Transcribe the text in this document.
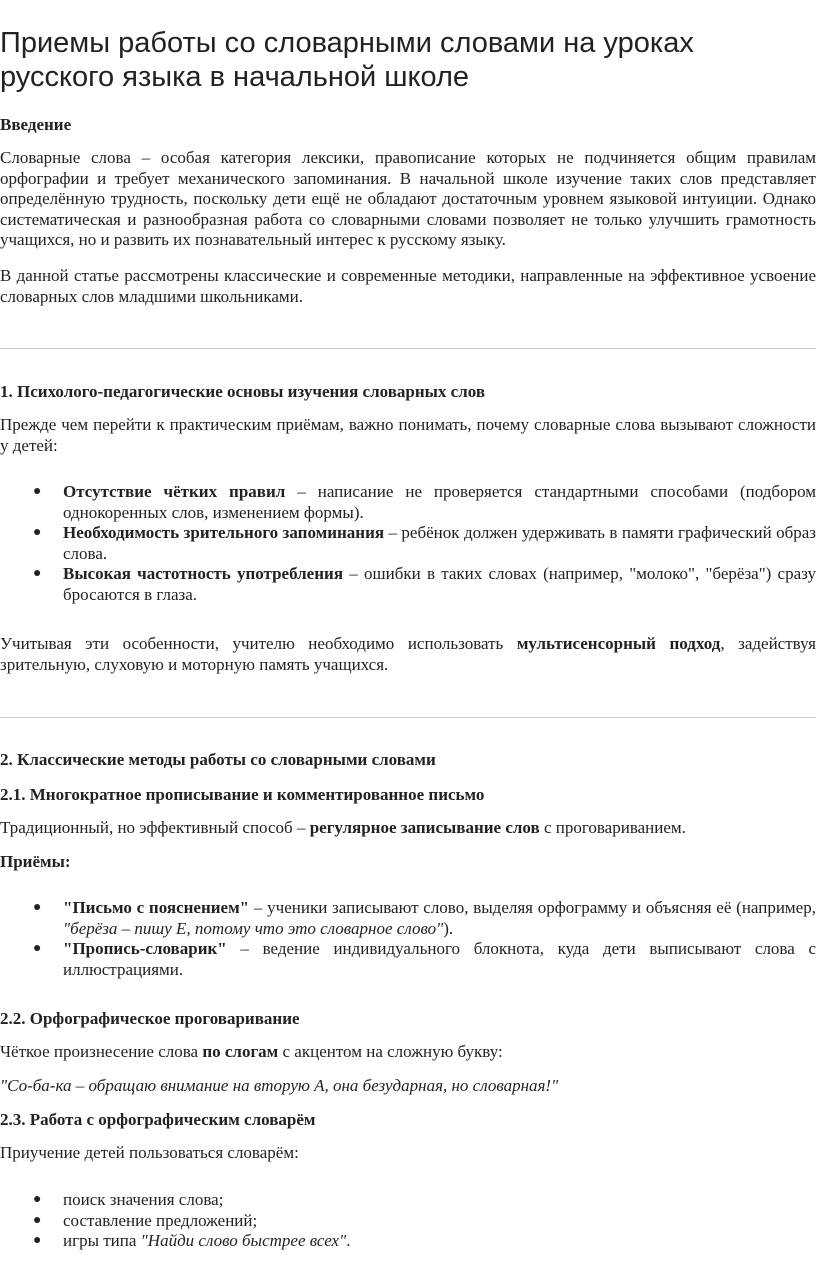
Приемы работы со словарными словами на уроках русского языка в начальной школе
Введение

Словарные слова – особая категория лексики, правописание которых не подчиняется общим правилам орфографии и требует механического запоминания. В начальной школе изучение таких слов представляет определённую трудность, поскольку дети ещё не обладают достаточным уровнем языковой интуиции. Однако систематическая и разнообразная работа со словарными словами позволяет не только улучшить грамотность учащихся, но и развить их познавательный интерес к русскому языку.

В данной статье рассмотрены классические и современные методики, направленные на эффективное усвоение словарных слов младшими школьниками.

1. Психолого-педагогические основы изучения словарных слов

Прежде чем перейти к практическим приёмам, важно понимать, почему словарные слова вызывают сложности у детей:

● Отсутствие чётких правил – написание не проверяется стандартными способами (подбором однокоренных слов, изменением формы).
● Необходимость зрительного запоминания – ребёнок должен удерживать в памяти графический образ слова.
● Высокая частотность употребления – ошибки в таких словах (например, "молоко", "берёза") сразу бросаются в глаза.

Учитывая эти особенности, учителю необходимо использовать мультисенсорный подход, задействуя зрительную, слуховую и моторную память учащихся.

2. Классические методы работы со словарными словами
2.1. Многократное прописывание и комментированное письмо

Традиционный, но эффективный способ – регулярное записывание слов с проговариванием.

Приёмы:

● "Письмо с пояснением" – ученики записывают слово, выделяя орфограмму и объясняя её (например, "берёза – пишу Е, потому что это словарное слово").
● "Пропись-словарик" – ведение индивидуального блокнота, куда дети выписывают слова с иллюстрациями.
2.2. Орфографическое проговаривание

Чёткое произнесение слова по слогам с акцентом на сложную букву:

"Со-ба-ка – обращаю внимание на вторую А, она безударная, но словарная!"

2.3. Работа с орфографическим словарём

Приучение детей пользоваться словарём:

● поиск значения слова;
● составление предложений;
● игры типа "Найди слово быстрее всех".
